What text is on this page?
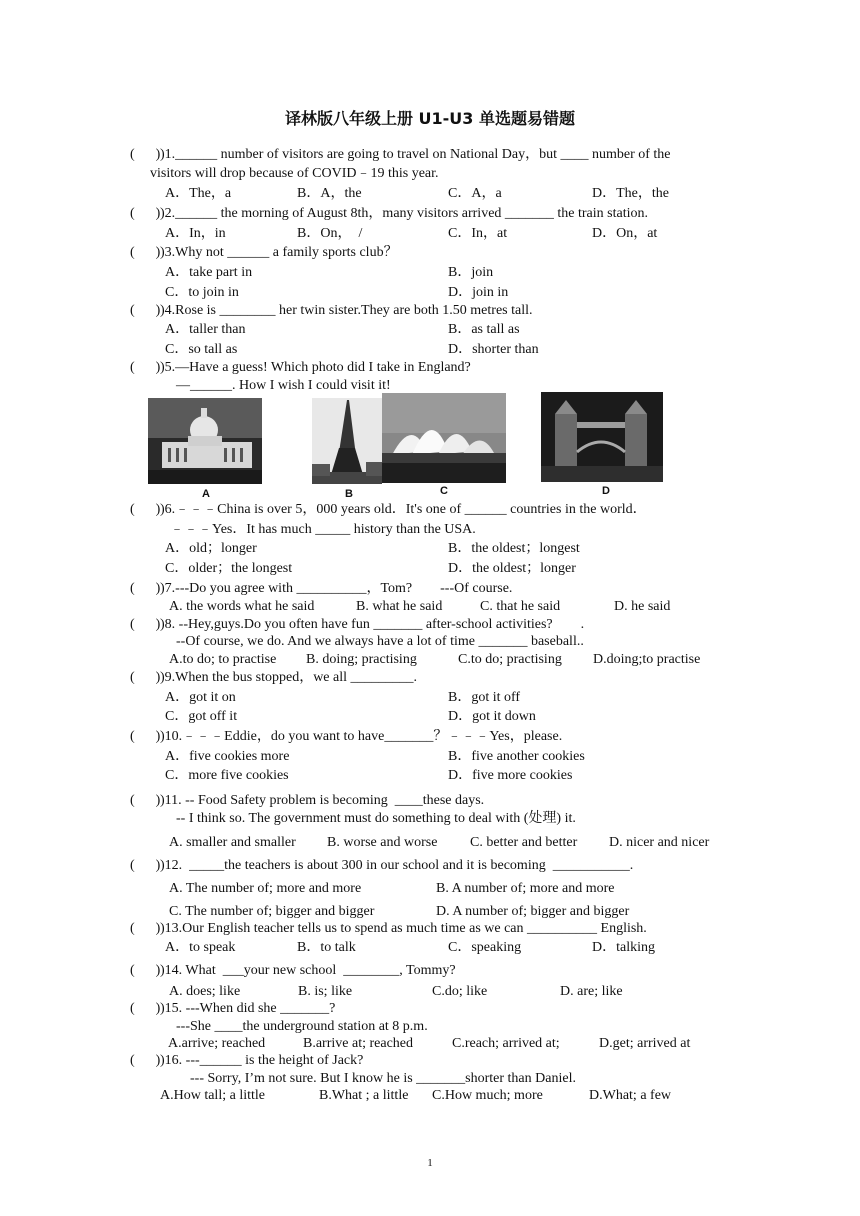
译林版八年级上册 U1-U3 单选题易错题
(      ) )1.______ number of visitors are going to travel on National Day，but ____ number of the
visitors will drop because of COVID﹣19 this year.
A．The，a	B．A，the	C．A，a	D．The，the
(      ) )2.______ the morning of August 8th，many visitors arrived _______ the train station.
A．In，in	B．On，  /	C．In，at	D．On，at
(      ) )3.Why not ______ a family sports club？
A．take part in	B．join
C．to join in	D．join in
(      ) )4.Rose is ________ her twin sister.They are both 1.50 metres tall.
A．taller than	B．as tall as
C．so tall as	D．shorter than
(      ) )5.—Have a guess! Which photo did I take in England?
—______. How I wish I could visit it!
A	B	C	D
(      ) )6.﹣﹣﹣China is over 5，000 years old．It's one of ______ countries in the world．
﹣﹣﹣Yes．It has much _____ history than the USA.
A．old；longer	B．the oldest；longest
C．older；the longest	D．the oldest；longer
(      ) )7.---Do you agree with __________，Tom?        ---Of course.
A. the words what he said	B. what he said	C. that he said	D. he said
(      ) )8. --Hey,guys.Do you often have fun _______ after-school activities?        .
--Of course, we do. And we always have a lot of time _______ baseball..
A.to do; to practise B. doing; practising	C.to do; practising D.doing;to practise
(      ) )9.When the bus stopped，we all _________.
A．got it on	B．got it off
C．got off it	D．got it down
(      ) )10.﹣﹣﹣Eddie，do you want to have_______？﹣﹣﹣Yes，please.
A．five cookies more	B．five another cookies
C．more five cookies	D．five more cookies
(      ) )11. -- Food Safety problem is becoming  ____these days.
-- I think so. The government must do something to deal with (处理) it.
A. smaller and smaller B. worse and worse C. better and better D. nicer and nicer
(      ) )12.  _____the teachers is about 300 in our school and it is becoming  ___________.
A. The number of; more and more	B. A number of; more and more
C. The number of; bigger and bigger	D. A number of; bigger and bigger
(      ) )13.Our English teacher tells us to spend as much time as we can __________ English.
A．to speak	B．to talk	C．speaking	D．talking
(      ) )14. What  ___your new school  ________, Tommy?
A. does; like	B. is; like	C.do; like	D. are; like
(      ) )15. ---When did she _______?
---She ____the underground station at 8 p.m.
A.arrive; reached	B.arrive at; reached	C.reach; arrived at;	D.get; arrived at
(      ) )16. ---______ is the height of Jack?
--- Sorry, I’m not sure. But I know he is _______shorter than Daniel.
A.How tall; a little	B.What ; a little C.How much; more	D.What; a few
1
